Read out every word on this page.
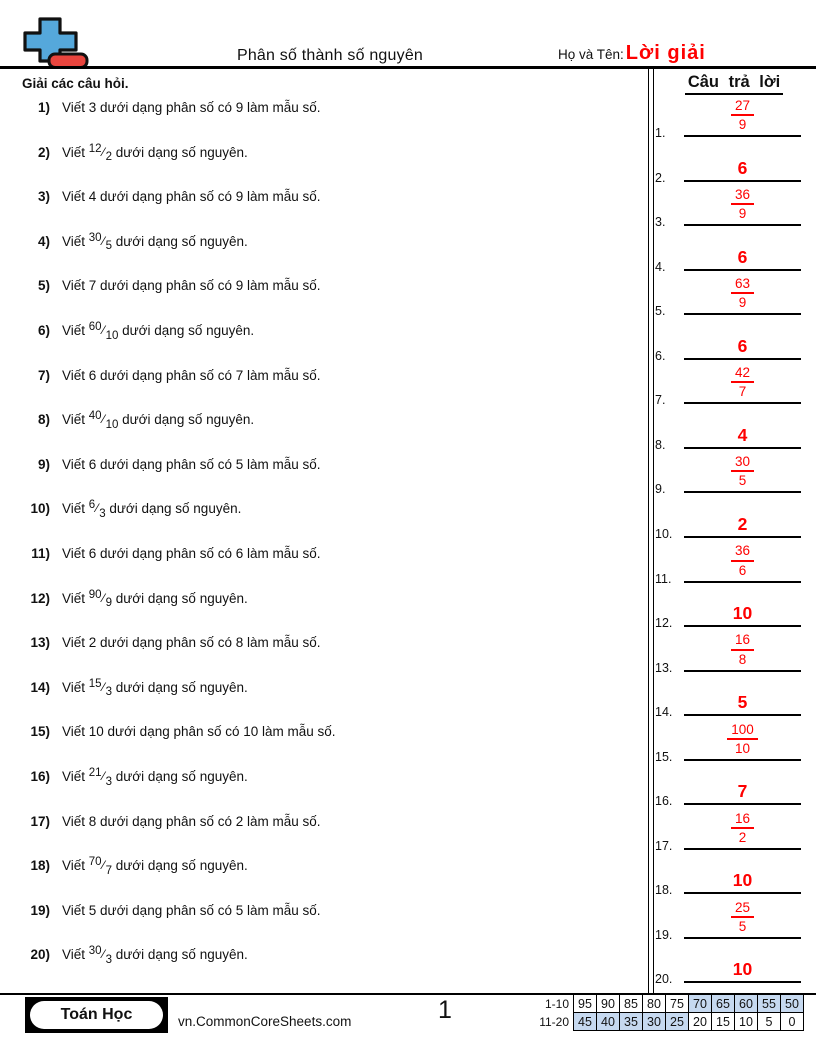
Phân số thành số nguyên	Họ và Tên: Lời giải
Giải các câu hỏi.	Câu trả lời
1) Viết 3 dưới dạng phân số có 9 làm mẫu số.
2) Viết 12⁄2 dưới dạng số nguyên.
3) Viết 4 dưới dạng phân số có 9 làm mẫu số.
4) Viết 30⁄5 dưới dạng số nguyên.
5) Viết 7 dưới dạng phân số có 9 làm mẫu số.
6) Viết 60⁄10 dưới dạng số nguyên.
7) Viết 6 dưới dạng phân số có 7 làm mẫu số.
8) Viết 40⁄10 dưới dạng số nguyên.
9) Viết 6 dưới dạng phân số có 5 làm mẫu số.
10) Viết 6⁄3 dưới dạng số nguyên.
11) Viết 6 dưới dạng phân số có 6 làm mẫu số.
12) Viết 90⁄9 dưới dạng số nguyên.
13) Viết 2 dưới dạng phân số có 8 làm mẫu số.
14) Viết 15⁄3 dưới dạng số nguyên.
15) Viết 10 dưới dạng phân số có 10 làm mẫu số.
16) Viết 21⁄3 dưới dạng số nguyên.
17) Viết 8 dưới dạng phân số có 2 làm mẫu số.
18) Viết 70⁄7 dưới dạng số nguyên.
19) Viết 5 dưới dạng phân số có 5 làm mẫu số.
20) Viết 30⁄3 dưới dạng số nguyên.
1.
$\frac{27}{9}$
2.	6
3.
$\frac{36}{9}$
4.	6
5.
$\frac{63}{9}$
6.	6
7.
$\frac{42}{7}$
8.	4
9.
$\frac{30}{5}$
10.	2
11.
$\frac{36}{6}$
12.	10
13.
$\frac{16}{8}$
14.	5
15.
$\frac{100}{10}$
16.	7
17.
$\frac{16}{2}$
18.	10
19.
$\frac{25}{5}$
20.	10
Toán Học	vn.CommonCoreSheets.com	1	1-10	95	90	85	80	75	70	65	60	55	50
11-20	45	40	35	30	25	20	15	10	5	0
